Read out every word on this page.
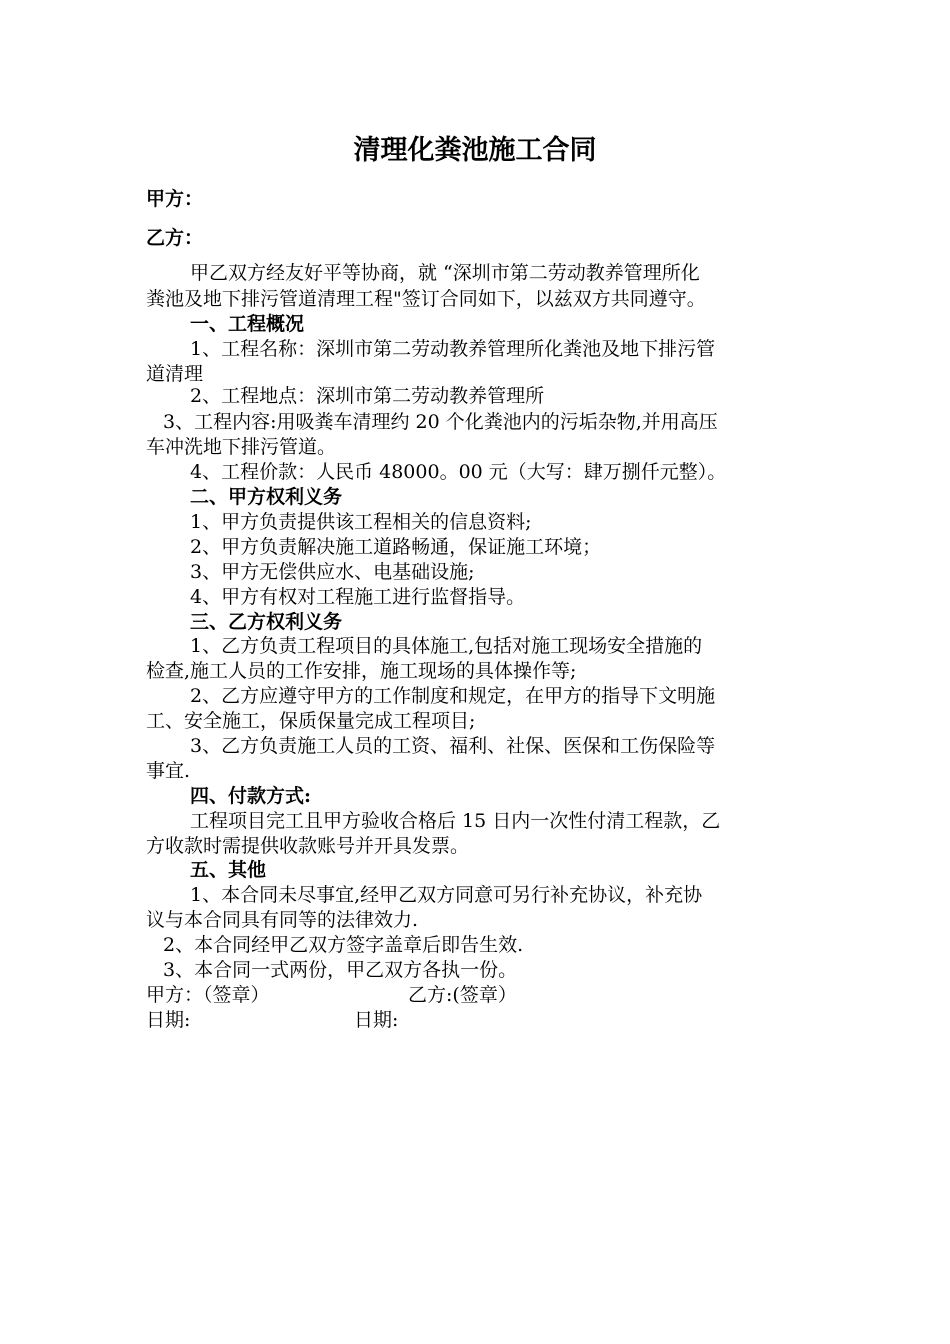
清理化粪池施工合同
甲方：
乙方：
甲乙双方经友好平等协商，就 “深圳市第二劳动教养管理所化
粪池及地下排污管道清理工程"签订合同如下，以兹双方共同遵守。
一、工程概况
1、工程名称：深圳市第二劳动教养管理所化粪池及地下排污管
道清理
2、工程地点：深圳市第二劳动教养管理所
3、工程内容:用吸粪车清理约 20 个化粪池内的污垢杂物,并用高压
车冲洗地下排污管道。
4、工程价款：人民币 48000。00 元（大写：肆万捌仟元整）。
二、甲方权利义务
1、甲方负责提供该工程相关的信息资料;
2、甲方负责解决施工道路畅通，保证施工环境；
3、甲方无偿供应水、电基础设施;
4、甲方有权对工程施工进行监督指导。
三、乙方权利义务
1、乙方负责工程项目的具体施工,包括对施工现场安全措施的
检查,施工人员的工作安排，施工现场的具体操作等;
2、乙方应遵守甲方的工作制度和规定，在甲方的指导下文明施
工、安全施工，保质保量完成工程项目;
3、乙方负责施工人员的工资、福利、社保、医保和工伤保险等
事宜.
四、付款方式:
工程项目完工且甲方验收合格后 15 日内一次性付清工程款，乙
方收款时需提供收款账号并开具发票。
五、其他
1、本合同未尽事宜,经甲乙双方同意可另行补充协议，补充协
议与本合同具有同等的法律效力.
2、本合同经甲乙双方签字盖章后即告生效.
3、本合同一式两份，甲乙双方各执一份。
甲方：（签章）	乙方:(签章）
日期:	日期:
